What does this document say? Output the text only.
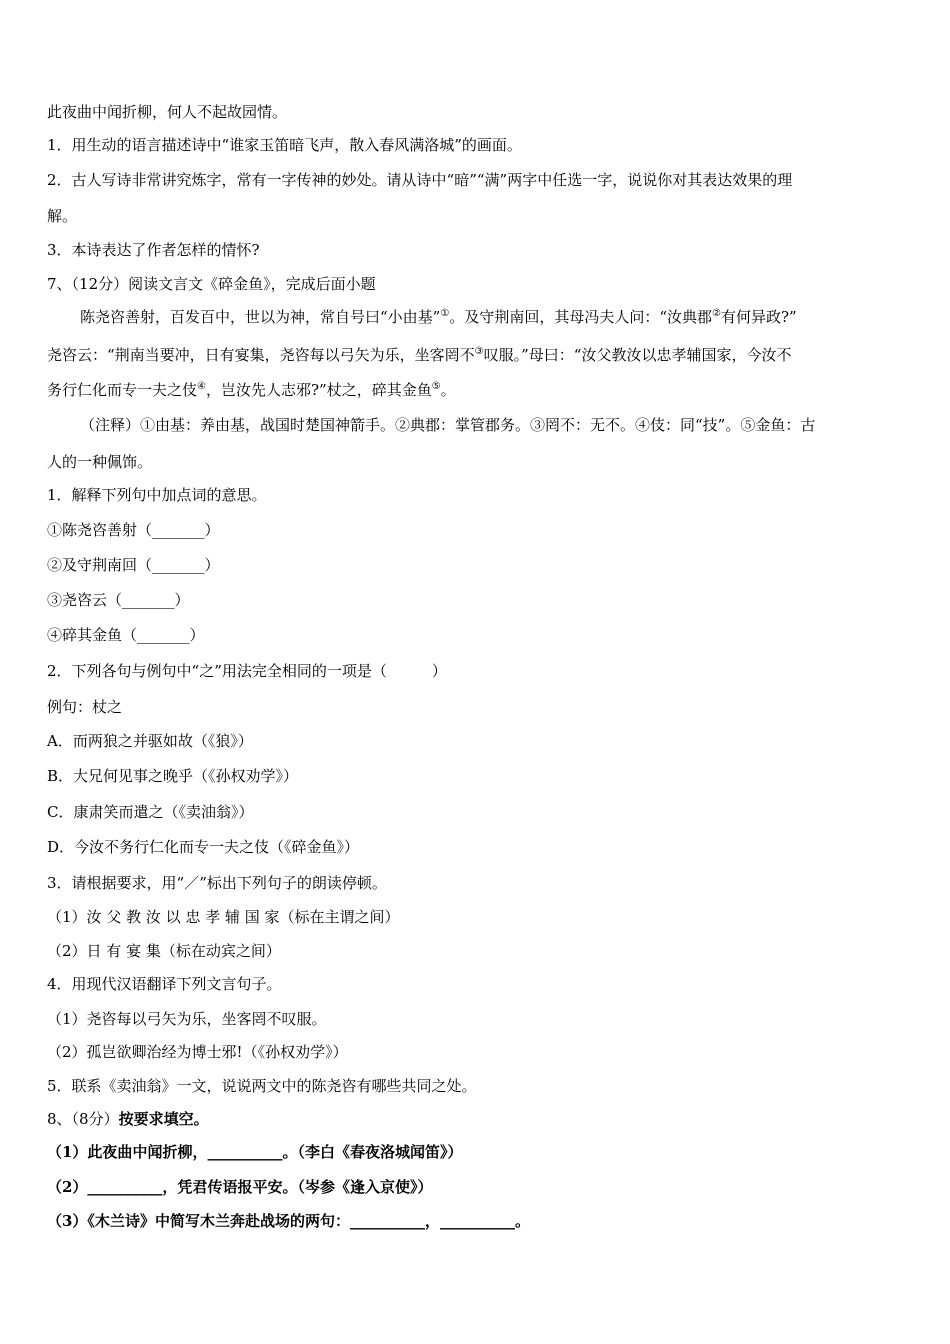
此夜曲中闻折柳，何人不起故园情。
1．用生动的语言描述诗中“谁家玉笛暗飞声，散入春风满洛城”的画面。
2．古人写诗非常讲究炼字，常有一字传神的妙处。请从诗中“暗”“满”两字中任选一字，说说你对其表达效果的理
解。
3．本诗表达了作者怎样的情怀?
7、（12分）阅读文言文《碎金鱼》，完成后面小题
陈尧咨善射，百发百中，世以为神，常自号曰“小由基”①。及守荆南回，其母冯夫人问：“汝典郡②有何异政?”
尧咨云：“荆南当要冲，日有宴集，尧咨每以弓矢为乐，坐客罔不③叹服。”母曰：“汝父教汝以忠孝辅国家，今汝不
务行仁化而专一夫之伎④，岂汝先人志邪?”杖之，碎其金鱼⑤。
（注释）①由基：养由基，战国时楚国神箭手。②典郡：掌管郡务。③罔不：无不。④伎：同“技”。⑤金鱼：古
人的一种佩饰。
1．解释下列句中加点词的意思。
①陈尧咨善射（_______）
②及守荆南回（_______）
③尧咨云（_______）
④碎其金鱼（_______）
2．下列各句与例句中“之”用法完全相同的一项是（　　　）
例句：杖之
A．而两狼之并驱如故（《狼》）
B．大兄何见事之晚乎（《孙权劝学》）
C．康肃笑而遣之（《卖油翁》）
D．今汝不务行仁化而专一夫之伎（《碎金鱼》）
3．请根据要求，用“／”标出下列句子的朗读停顿。
（1）汝 父 教 汝 以 忠 孝 辅 国 家（标在主谓之间）
（2）日 有 宴 集（标在动宾之间）
4．用现代汉语翻译下列文言句子。
（1）尧咨每以弓矢为乐，坐客罔不叹服。
（2）孤岂欲卿治经为博士邪!（《孙权劝学》）
5．联系《卖油翁》一文，说说两文中的陈尧咨有哪些共同之处。
8、（8分）按要求填空。
（1）此夜曲中闻折柳，__________。（李白《春夜洛城闻笛》）
（2）__________，凭君传语报平安。（岑参《逢入京使》）
（3）《木兰诗》中简写木兰奔赴战场的两句：__________，__________。
